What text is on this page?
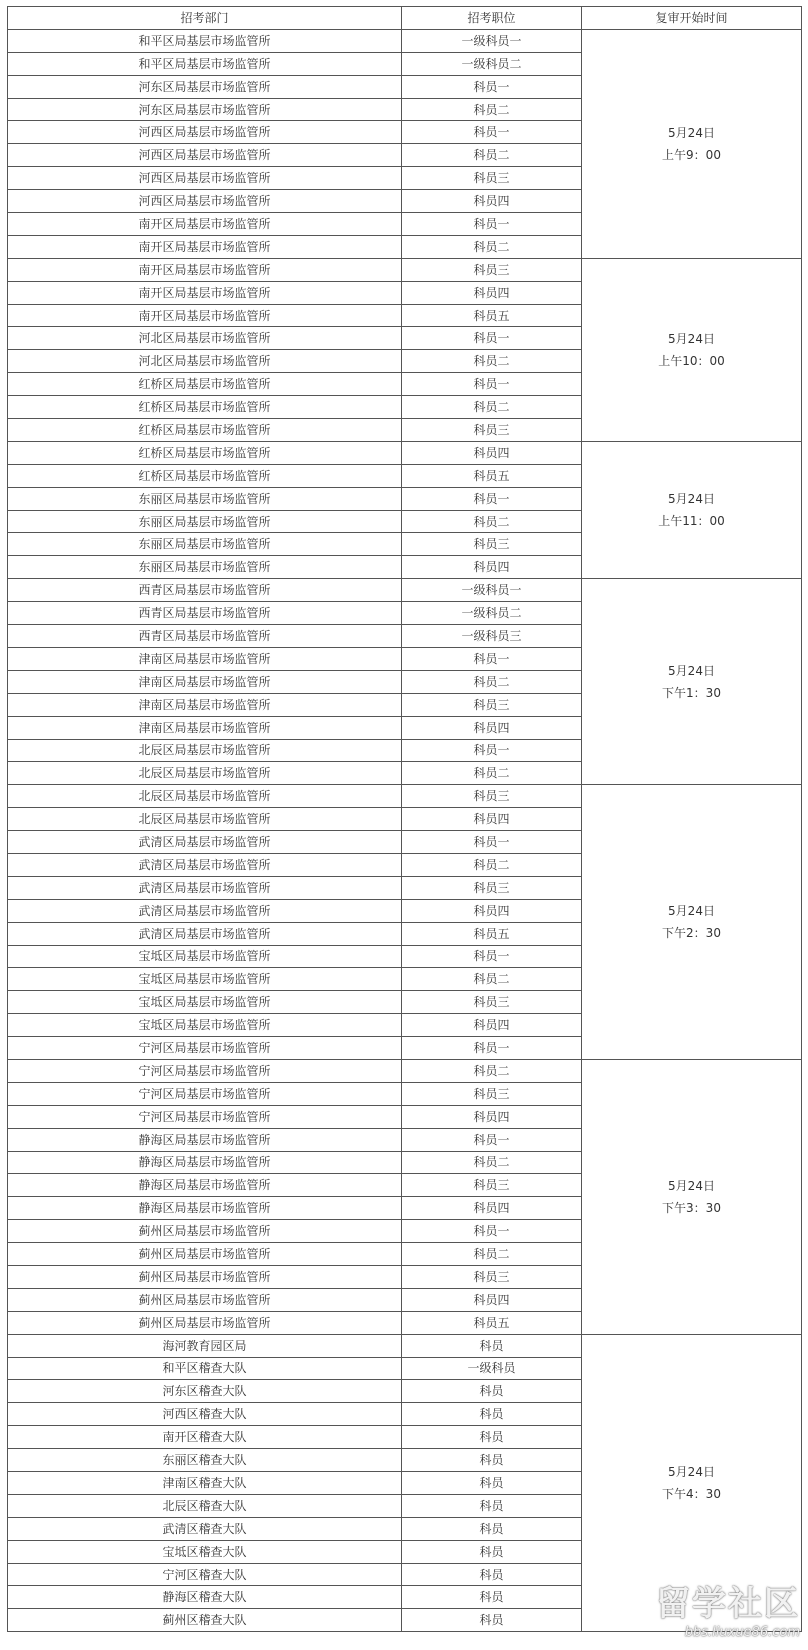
招考部门	招考职位	复审开始时间
和平区局基层市场监管所	一级科员一	5月24日
上午9：00

和平区局基层市场监管所	一级科员二	
河东区局基层市场监管所	科员一	
河东区局基层市场监管所	科员二	
河西区局基层市场监管所	科员一	
河西区局基层市场监管所	科员二	
河西区局基层市场监管所	科员三	
河西区局基层市场监管所	科员四	
南开区局基层市场监管所	科员一	
南开区局基层市场监管所	科员二	
南开区局基层市场监管所	科员三	5月24日
上午10：00

南开区局基层市场监管所	科员四	
南开区局基层市场监管所	科员五	
河北区局基层市场监管所	科员一	
河北区局基层市场监管所	科员二	
红桥区局基层市场监管所	科员一	
红桥区局基层市场监管所	科员二	
红桥区局基层市场监管所	科员三	
红桥区局基层市场监管所	科员四	5月24日
上午11：00

红桥区局基层市场监管所	科员五	
东丽区局基层市场监管所	科员一	
东丽区局基层市场监管所	科员二	
东丽区局基层市场监管所	科员三	
东丽区局基层市场监管所	科员四	
西青区局基层市场监管所	一级科员一	5月24日
下午1：30

西青区局基层市场监管所	一级科员二	
西青区局基层市场监管所	一级科员三	
津南区局基层市场监管所	科员一	
津南区局基层市场监管所	科员二	
津南区局基层市场监管所	科员三	
津南区局基层市场监管所	科员四	
北辰区局基层市场监管所	科员一	
北辰区局基层市场监管所	科员二	
北辰区局基层市场监管所	科员三	5月24日
下午2：30

北辰区局基层市场监管所	科员四	
武清区局基层市场监管所	科员一	
武清区局基层市场监管所	科员二	
武清区局基层市场监管所	科员三	
武清区局基层市场监管所	科员四	
武清区局基层市场监管所	科员五	
宝坻区局基层市场监管所	科员一	
宝坻区局基层市场监管所	科员二	
宝坻区局基层市场监管所	科员三	
宝坻区局基层市场监管所	科员四	
宁河区局基层市场监管所	科员一	
宁河区局基层市场监管所	科员二	5月24日
下午3：30

宁河区局基层市场监管所	科员三	
宁河区局基层市场监管所	科员四	
静海区局基层市场监管所	科员一	
静海区局基层市场监管所	科员二	
静海区局基层市场监管所	科员三	
静海区局基层市场监管所	科员四	
蓟州区局基层市场监管所	科员一	
蓟州区局基层市场监管所	科员二	
蓟州区局基层市场监管所	科员三	
蓟州区局基层市场监管所	科员四	
蓟州区局基层市场监管所	科员五	
海河教育园区局	科员	5月24日
下午4：30

和平区稽查大队	一级科员	
河东区稽查大队	科员	
河西区稽查大队	科员	
南开区稽查大队	科员	
东丽区稽查大队	科员	
津南区稽查大队	科员	
北辰区稽查大队	科员	
武清区稽查大队	科员	
宝坻区稽查大队	科员	
宁河区稽查大队	科员	
静海区稽查大队	科员	
蓟州区稽查大队	科员		留学社区
bbs.liuxue86.com
